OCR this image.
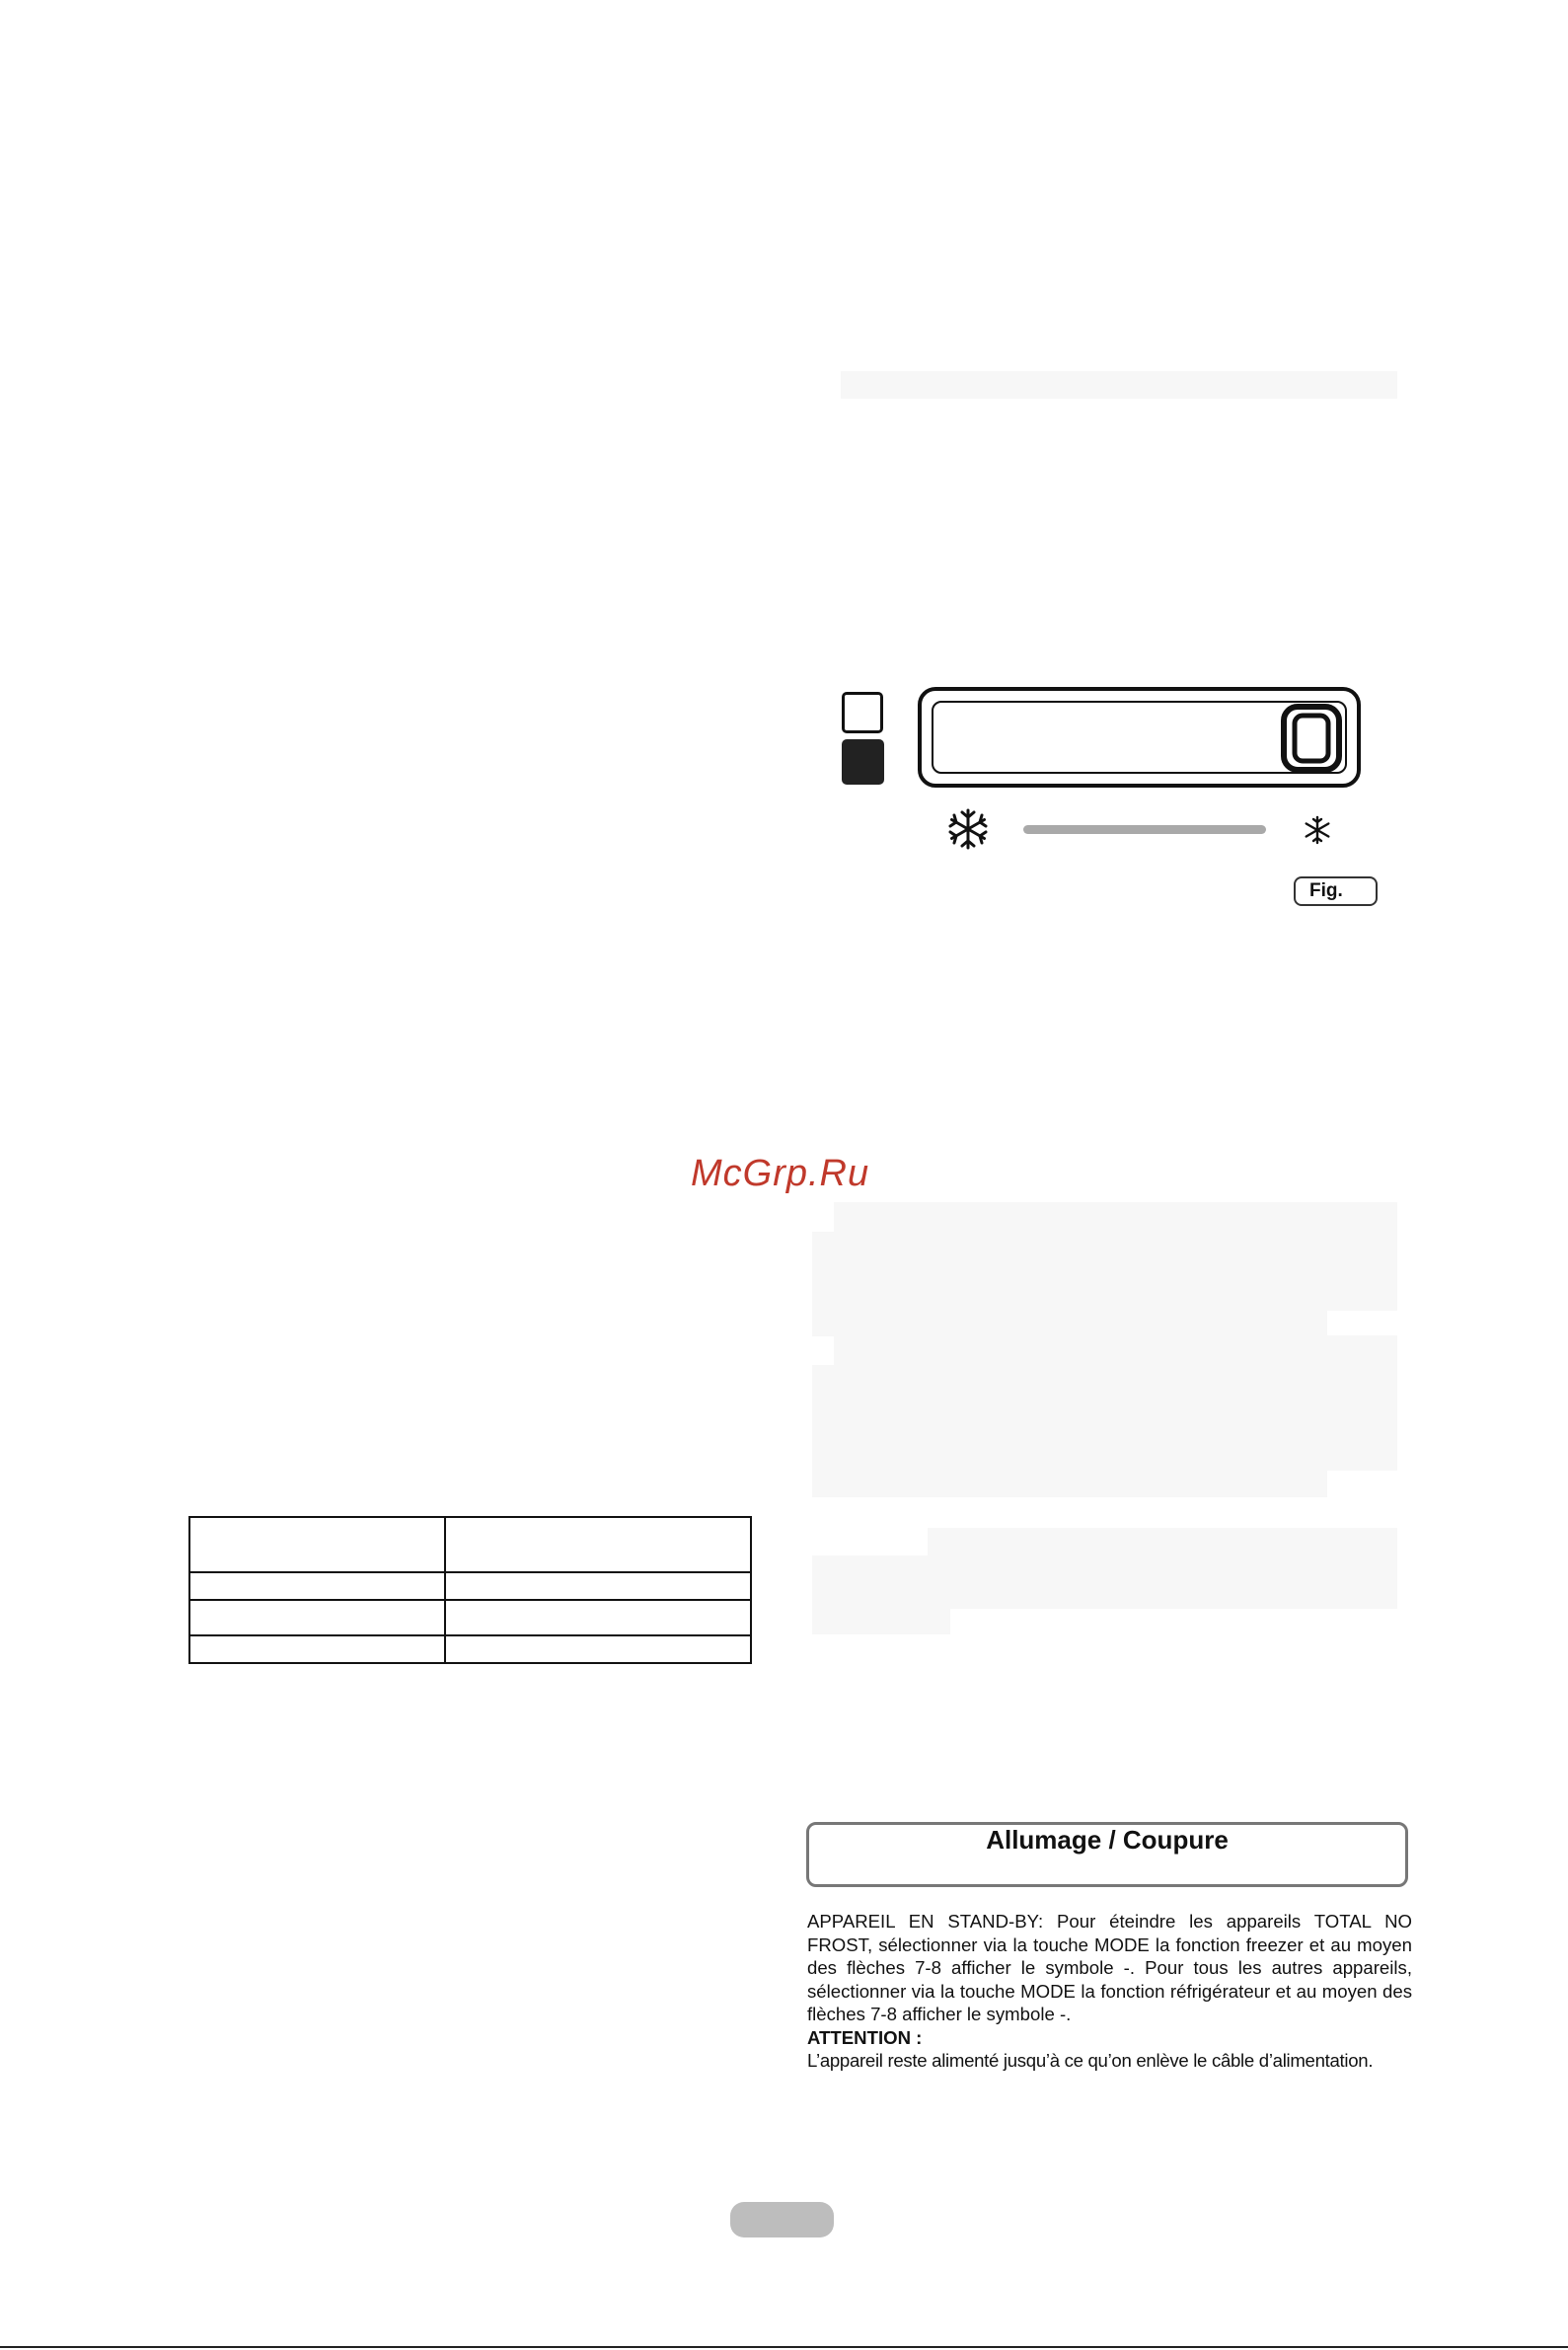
Fig.
McGrp.Ru

Allumage / Coupure

APPAREIL EN STAND-BY: Pour éteindre les appareils TOTAL NO FROST, sélectionner via la touche MODE la fonction freezer et au moyen des flèches 7-8 afficher le symbole -. Pour tous les autres appareils, sélectionner via la touche MODE la fonction réfrigérateur et au moyen des flèches 7-8 afficher le symbole -.

ATTENTION :

L’appareil reste alimenté jusqu’à ce qu’on enlève le câble d’alimentation.
